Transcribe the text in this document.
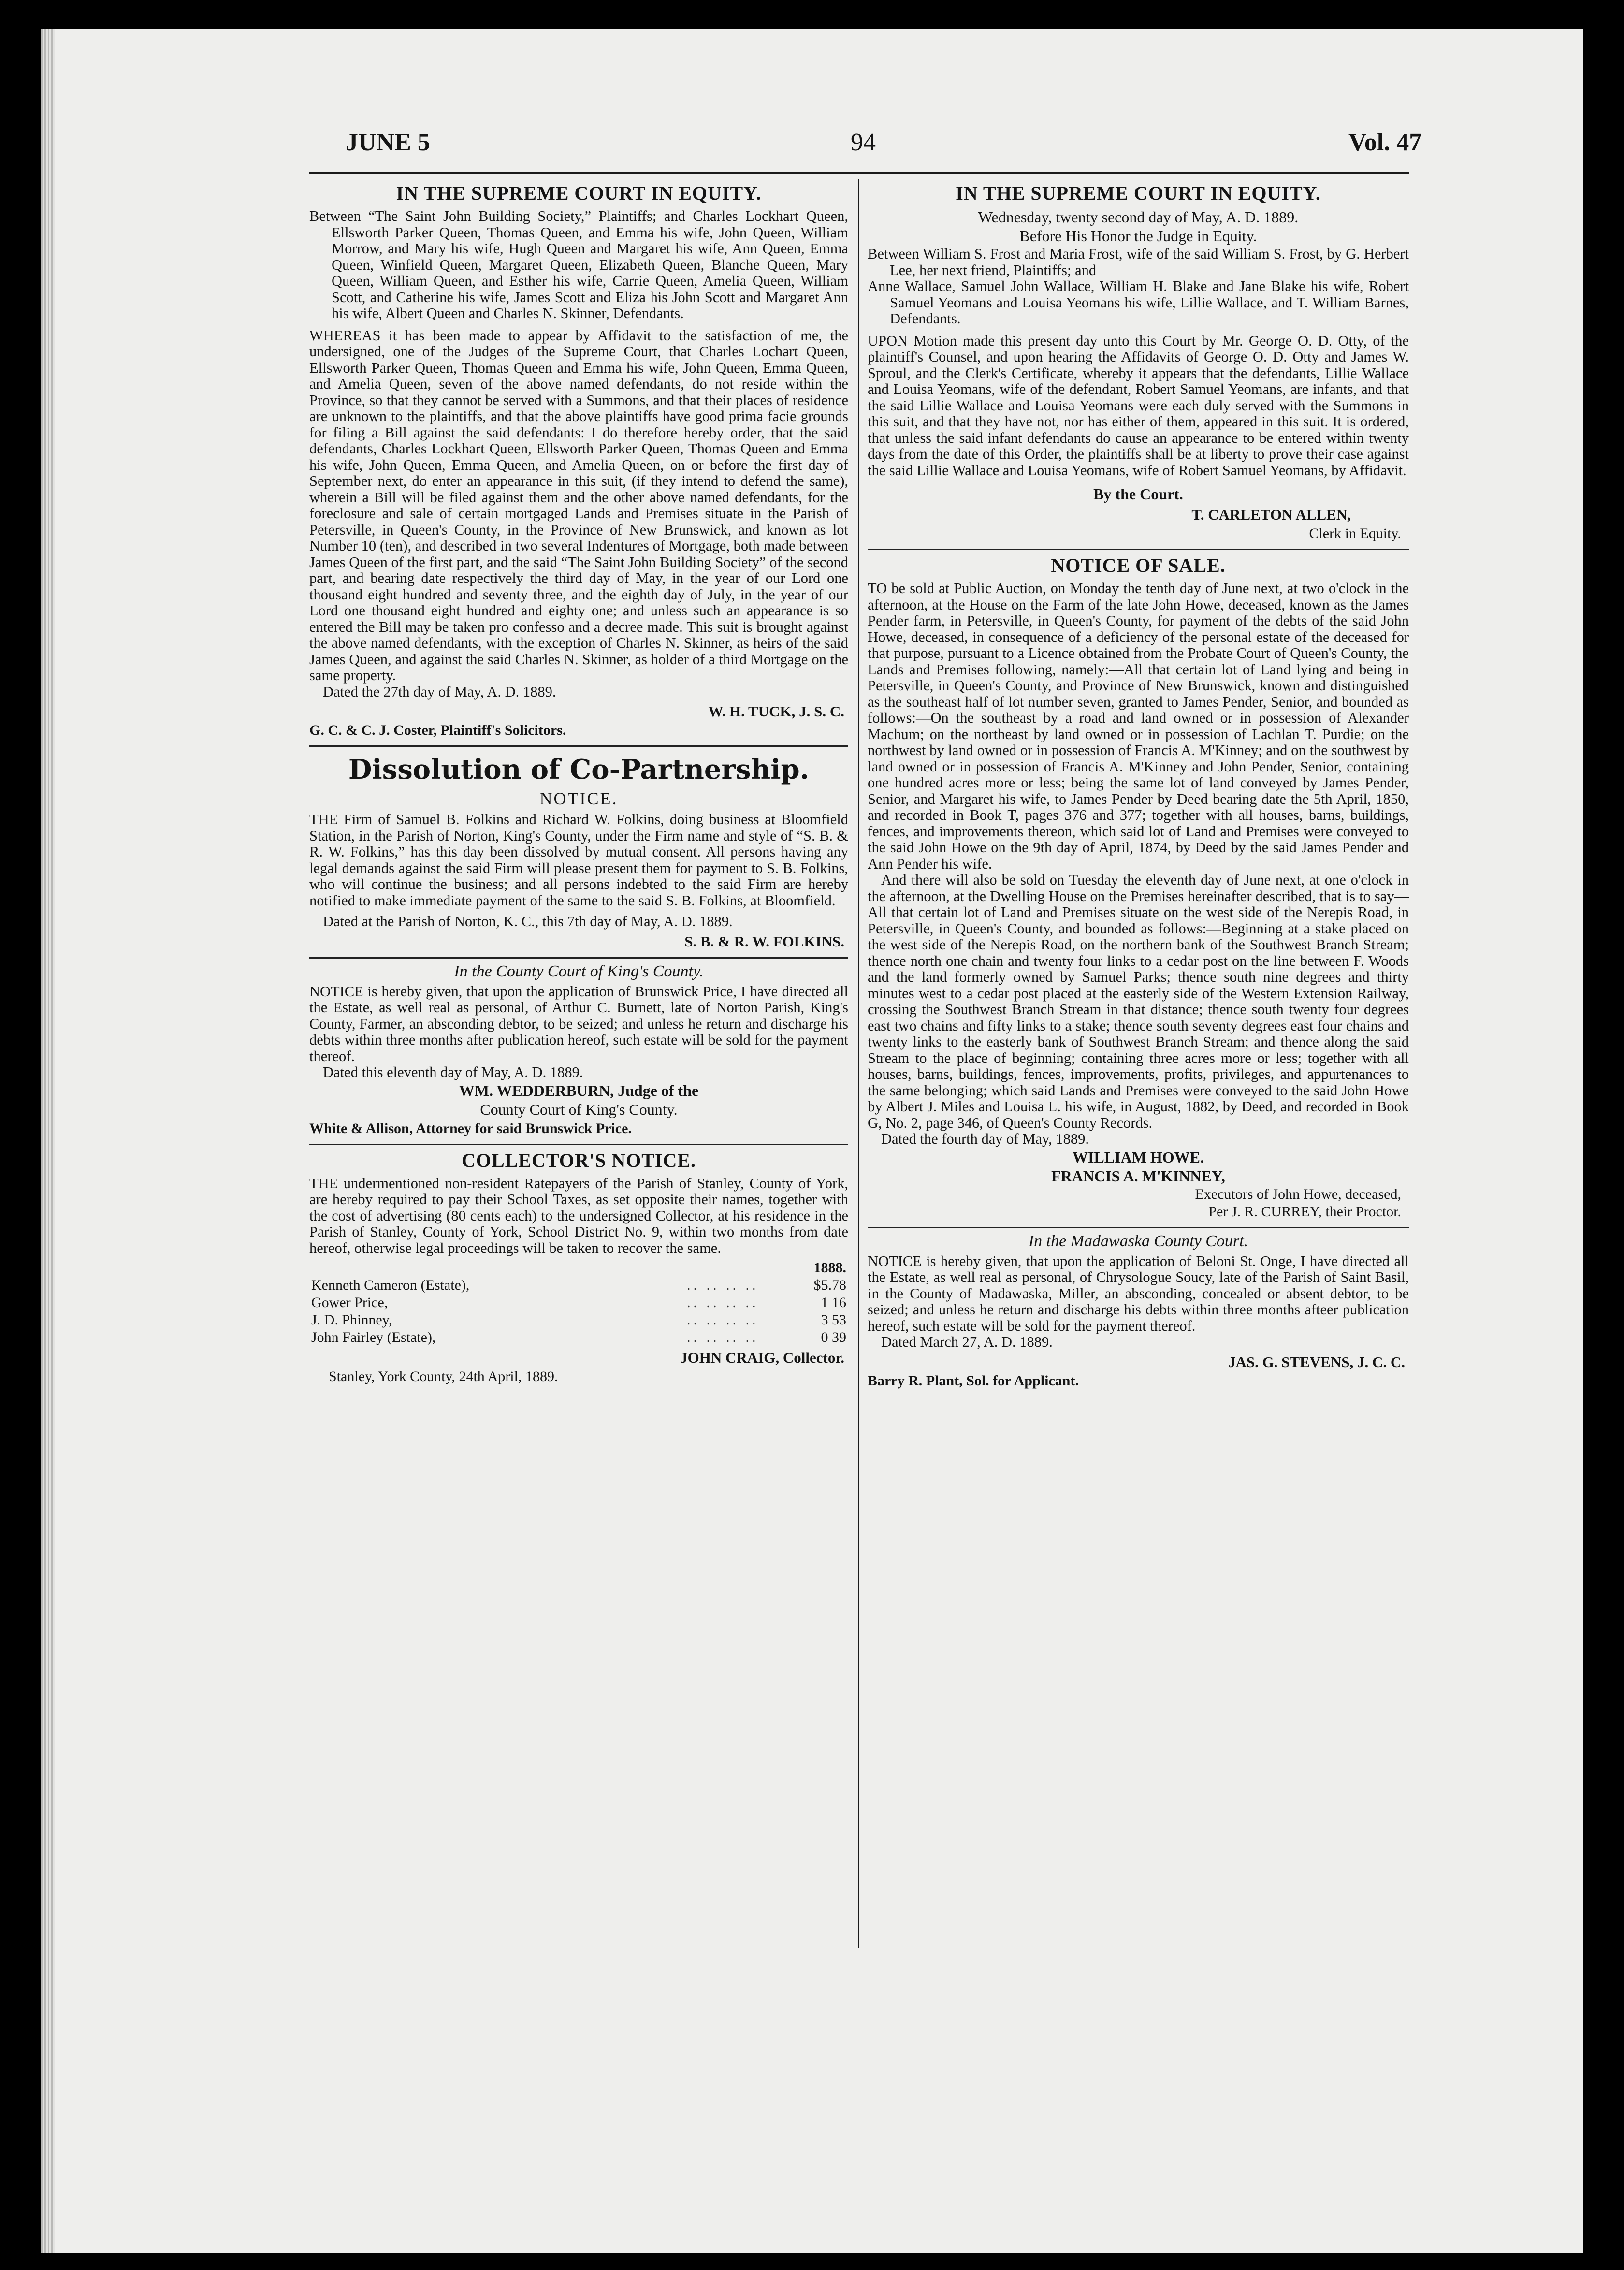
JUNE 5	94	Vol. 47
IN THE SUPREME COURT IN EQUITY.

Between “The Saint John Building Society,” Plaintiffs; and Charles Lockhart Queen, Ellsworth Parker Queen, Thomas Queen, and Emma his wife, John Queen, William Morrow, and Mary his wife, Hugh Queen and Margaret his wife, Ann Queen, Emma Queen, Winfield Queen, Margaret Queen, Elizabeth Queen, Blanche Queen, Mary Queen, William Queen, and Esther his wife, Carrie Queen, Amelia Queen, William Scott, and Catherine his wife, James Scott and Eliza his John Scott and Margaret Ann his wife, Albert Queen and Charles N. Skinner, Defendants.

WHEREAS it has been made to appear by Affidavit to the satisfaction of me, the undersigned, one of the Judges of the Supreme Court, that Charles Lochart Queen, Ellsworth Parker Queen, Thomas Queen and Emma his wife, John Queen, Emma Queen, and Amelia Queen, seven of the above named defendants, do not reside within the Province, so that they cannot be served with a Summons, and that their places of residence are unknown to the plaintiffs, and that the above plaintiffs have good prima facie grounds for filing a Bill against the said defendants: I do therefore hereby order, that the said defendants, Charles Lockhart Queen, Ellsworth Parker Queen, Thomas Queen and Emma his wife, John Queen, Emma Queen, and Amelia Queen, on or before the first day of September next, do enter an appearance in this suit, (if they intend to defend the same), wherein a Bill will be filed against them and the other above named defendants, for the foreclosure and sale of certain mortgaged Lands and Premises situate in the Parish of Petersville, in Queen's County, in the Province of New Brunswick, and known as lot Number 10 (ten), and described in two several Indentures of Mortgage, both made between James Queen of the first part, and the said “The Saint John Building Society” of the second part, and bearing date respectively the third day of May, in the year of our Lord one thousand eight hundred and seventy three, and the eighth day of July, in the year of our Lord one thousand eight hundred and eighty one; and unless such an appearance is so entered the Bill may be taken pro confesso and a decree made. This suit is brought against the above named defendants, with the exception of Charles N. Skinner, as heirs of the said James Queen, and against the said Charles N. Skinner, as holder of a third Mortgage on the same property.

Dated the 27th day of May, A. D. 1889.

W. H. TUCK, J. S. C.
G. C. & C. J. Coster, Plaintiff's Solicitors.
Dissolution of Co-Partnership.
NOTICE.

THE Firm of Samuel B. Folkins and Richard W. Folkins, doing business at Bloomfield Station, in the Parish of Norton, King's County, under the Firm name and style of “S. B. & R. W. Folkins,” has this day been dissolved by mutual consent. All persons having any legal demands against the said Firm will please present them for payment to S. B. Folkins, who will continue the business; and all persons indebted to the said Firm are hereby notified to make immediate payment of the same to the said S. B. Folkins, at Bloomfield.

Dated at the Parish of Norton, K. C., this 7th day of May, A. D. 1889.

S. B. & R. W. FOLKINS.
In the County Court of King's County.

NOTICE is hereby given, that upon the application of Brunswick Price, I have directed all the Estate, as well real as personal, of Arthur C. Burnett, late of Norton Parish, King's County, Farmer, an absconding debtor, to be seized; and unless he return and discharge his debts within three months after publication hereof, such estate will be sold for the payment thereof.

Dated this eleventh day of May, A. D. 1889.

WM. WEDDERBURN, Judge of the
County Court of King's County.
White & Allison, Attorney for said Brunswick Price.
COLLECTOR'S NOTICE.

THE undermentioned non-resident Ratepayers of the Parish of Stanley, County of York, are hereby required to pay their School Taxes, as set opposite their names, together with the cost of advertising (80 cents each) to the undersigned Collector, at his residence in the Parish of Stanley, County of York, School District No. 9, within two months from date hereof, otherwise legal proceedings will be taken to recover the same.

		1888.
Kenneth Cameron (Estate),	.. .. .. ..	$5.78
Gower Price,	.. .. .. ..	1 16
J. D. Phinney,	.. .. .. ..	3 53
John Fairley (Estate),	.. .. .. ..	0 39
JOHN CRAIG, Collector.
Stanley, York County, 24th April, 1889.
IN THE SUPREME COURT IN EQUITY.
Wednesday, twenty second day of May, A. D. 1889.
Before His Honor the Judge in Equity.

Between William S. Frost and Maria Frost, wife of the said William S. Frost, by G. Herbert Lee, her next friend, Plaintiffs; and

Anne Wallace, Samuel John Wallace, William H. Blake and Jane Blake his wife, Robert Samuel Yeomans and Louisa Yeomans his wife, Lillie Wallace, and T. William Barnes, Defendants.

UPON Motion made this present day unto this Court by Mr. George O. D. Otty, of the plaintiff's Counsel, and upon hearing the Affidavits of George O. D. Otty and James W. Sproul, and the Clerk's Certificate, whereby it appears that the defendants, Lillie Wallace and Louisa Yeomans, wife of the defendant, Robert Samuel Yeomans, are infants, and that the said Lillie Wallace and Louisa Yeomans were each duly served with the Summons in this suit, and that they have not, nor has either of them, appeared in this suit. It is ordered, that unless the said infant defendants do cause an appearance to be entered within twenty days from the date of this Order, the plaintiffs shall be at liberty to prove their case against the said Lillie Wallace and Louisa Yeomans, wife of Robert Samuel Yeomans, by Affidavit.

By the Court.
T. CARLETON ALLEN,
Clerk in Equity.
NOTICE OF SALE.

TO be sold at Public Auction, on Monday the tenth day of June next, at two o'clock in the afternoon, at the House on the Farm of the late John Howe, deceased, known as the James Pender farm, in Petersville, in Queen's County, for payment of the debts of the said John Howe, deceased, in consequence of a deficiency of the personal estate of the deceased for that purpose, pursuant to a Licence obtained from the Probate Court of Queen's County, the Lands and Premises following, namely:—All that certain lot of Land lying and being in Petersville, in Queen's County, and Province of New Brunswick, known and distinguished as the southeast half of lot number seven, granted to James Pender, Senior, and bounded as follows:—On the southeast by a road and land owned or in possession of Alexander Machum; on the northeast by land owned or in possession of Lachlan T. Purdie; on the northwest by land owned or in possession of Francis A. M'Kinney; and on the southwest by land owned or in possession of Francis A. M'Kinney and John Pender, Senior, containing one hundred acres more or less; being the same lot of land conveyed by James Pender, Senior, and Margaret his wife, to James Pender by Deed bearing date the 5th April, 1850, and recorded in Book T, pages 376 and 377; together with all houses, barns, buildings, fences, and improvements thereon, which said lot of Land and Premises were conveyed to the said John Howe on the 9th day of April, 1874, by Deed by the said James Pender and Ann Pender his wife.

And there will also be sold on Tuesday the eleventh day of June next, at one o'clock in the afternoon, at the Dwelling House on the Premises hereinafter described, that is to say—All that certain lot of Land and Premises situate on the west side of the Nerepis Road, in Petersville, in Queen's County, and bounded as follows:—Beginning at a stake placed on the west side of the Nerepis Road, on the northern bank of the Southwest Branch Stream; thence north one chain and twenty four links to a cedar post on the line between F. Woods and the land formerly owned by Samuel Parks; thence south nine degrees and thirty minutes west to a cedar post placed at the easterly side of the Western Extension Railway, crossing the Southwest Branch Stream in that distance; thence south twenty four degrees east two chains and fifty links to a stake; thence south seventy degrees east four chains and twenty links to the easterly bank of Southwest Branch Stream; and thence along the said Stream to the place of beginning; containing three acres more or less; together with all houses, barns, buildings, fences, improvements, profits, privileges, and appurtenances to the same belonging; which said Lands and Premises were conveyed to the said John Howe by Albert J. Miles and Louisa L. his wife, in August, 1882, by Deed, and recorded in Book G, No. 2, page 346, of Queen's County Records.

Dated the fourth day of May, 1889.

WILLIAM HOWE.
FRANCIS A. M'KINNEY,
Executors of John Howe, deceased,
Per J. R. CURREY, their Proctor.
In the Madawaska County Court.

NOTICE is hereby given, that upon the application of Beloni St. Onge, I have directed all the Estate, as well real as personal, of Chrysologue Soucy, late of the Parish of Saint Basil, in the County of Madawaska, Miller, an absconding, concealed or absent debtor, to be seized; and unless he return and discharge his debts within three months afteer publication hereof, such estate will be sold for the payment thereof.

Dated March 27, A. D. 1889.

JAS. G. STEVENS, J. C. C.
Barry R. Plant, Sol. for Applicant.
